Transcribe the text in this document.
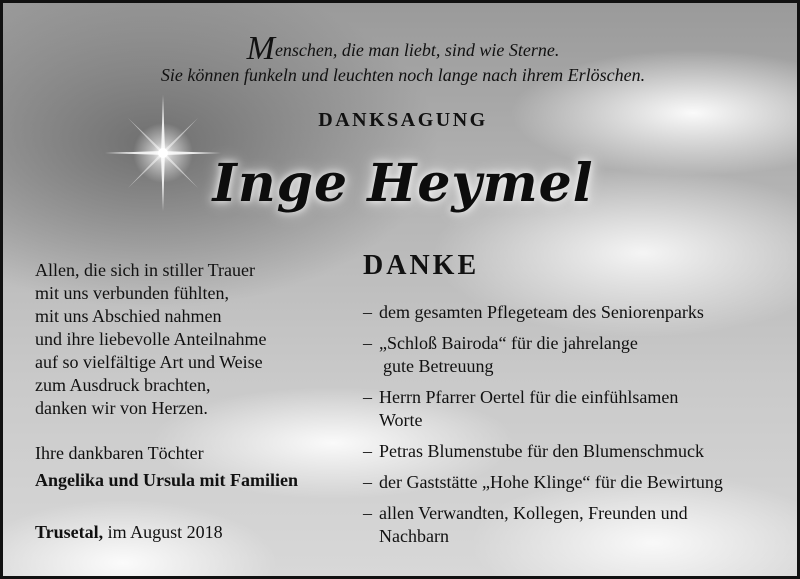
Menschen, die man liebt, sind wie Sterne.
Sie können funkeln und leuchten noch lange nach ihrem Erlöschen.
DANKSAGUNG
Inge Heymel
Allen, die sich in stiller Trauer
mit uns verbunden fühlten,
mit uns Abschied nahmen
und ihre liebevolle Anteilnahme
auf so vielfältige Art und Weise
zum Ausdruck brachten,
danken wir von Herzen.
Ihre dankbaren Töchter
Angelika und Ursula mit Familien
Trusetal, im August 2018
DANKE
– dem gesamten Pflegeteam des Seniorenparks
– „Schloß Bairoda“ für die jahrelange
gute Betreuung
– Herrn Pfarrer Oertel für die einfühlsamen
Worte
– Petras Blumenstube für den Blumenschmuck
– der Gaststätte „Hohe Klinge“ für die Bewirtung
– allen Verwandten, Kollegen, Freunden und
Nachbarn
